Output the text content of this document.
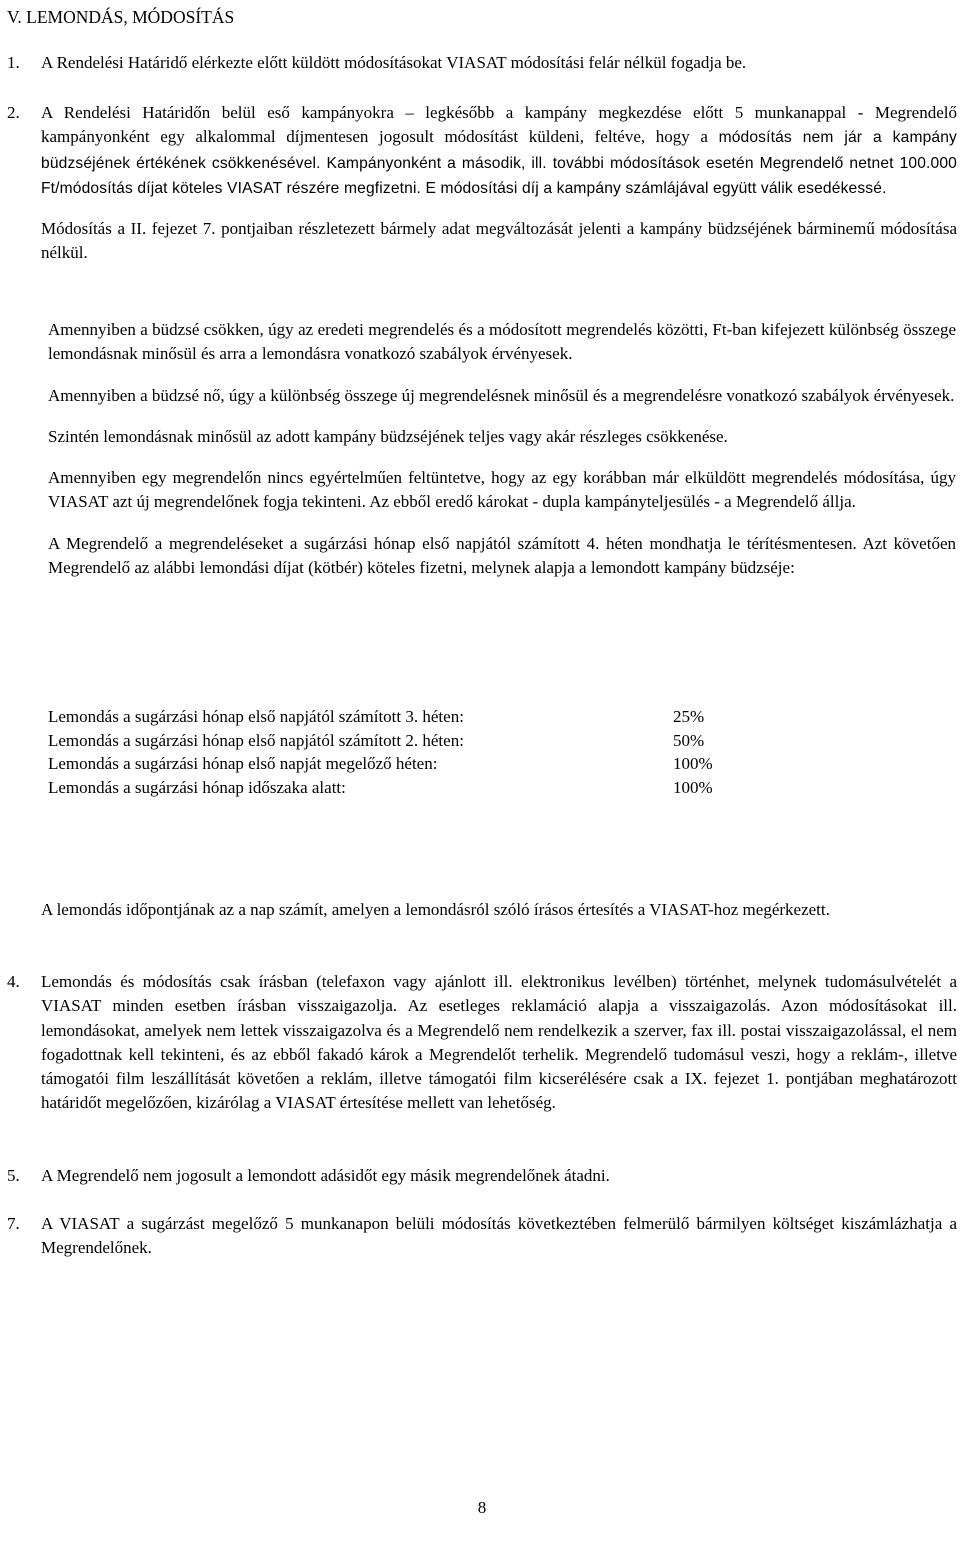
V. LEMONDÁS, MÓDOSÍTÁS
1. A Rendelési Határidő elérkezte előtt küldött módosításokat VIASAT módosítási felár nélkül fogadja be.

2. A Rendelési Határidőn belül eső kampányokra – legkésőbb a kampány megkezdése előtt 5 munkanappal - Megrendelő kampányonként egy alkalommal díjmentesen jogosult módosítást küldeni, feltéve, hogy a módosítás nem jár a kampány büdzséjének értékének csökkenésével. Kampányonként a második, ill. további módosítások esetén Megrendelő netnet 100.000 Ft/módosítás díjat köteles VIASAT részére megfizetni. E módosítási díj a kampány számlájával együtt válik esedékessé.

Módosítás a II. fejezet 7. pontjaiban részletezett bármely adat megváltozását jelenti a kampány büdzséjének bárminemű módosítása nélkül.

Amennyiben a büdzsé csökken, úgy az eredeti megrendelés és a módosított megrendelés közötti, Ft-ban kifejezett különbség összege lemondásnak minősül és arra a lemondásra vonatkozó szabályok érvényesek.

Amennyiben a büdzsé nő, úgy a különbség összege új megrendelésnek minősül és a megrendelésre vonatkozó szabályok érvényesek.

Szintén lemondásnak minősül az adott kampány büdzséjének teljes vagy akár részleges csökkenése.

Amennyiben egy megrendelőn nincs egyértelműen feltüntetve, hogy az egy korábban már elküldött megrendelés módosítása, úgy VIASAT azt új megrendelőnek fogja tekinteni. Az ebből eredő károkat - dupla kampányteljesülés - a Megrendelő állja.

A Megrendelő a megrendeléseket a sugárzási hónap első napjától számított 4. héten mondhatja le térítésmentesen. Azt követően Megrendelő az alábbi lemondási díjat (kötbér) köteles fizetni, melynek alapja a lemondott kampány büdzséje:

Lemondás a sugárzási hónap első napjától számított 3. héten:	25%
Lemondás a sugárzási hónap első napjától számított 2. héten:	50%
Lemondás a sugárzási hónap első napját megelőző héten:	100%
Lemondás a sugárzási hónap időszaka alatt:	100%

A lemondás időpontjának az a nap számít, amelyen a lemondásról szóló írásos értesítés a VIASAT-hoz megérkezett.

4. Lemondás és módosítás csak írásban (telefaxon vagy ajánlott ill. elektronikus levélben) történhet, melynek tudomásulvételét a VIASAT minden esetben írásban visszaigazolja. Az esetleges reklamáció alapja a visszaigazolás. Azon módosításokat ill. lemondásokat, amelyek nem lettek visszaigazolva és a Megrendelő nem rendelkezik a szerver, fax ill. postai visszaigazolással, el nem fogadottnak kell tekinteni, és az ebből fakadó károk a Megrendelőt terhelik. Megrendelő tudomásul veszi, hogy a reklám-, illetve támogatói film leszállítását követően a reklám, illetve támogatói film kicserélésére csak a IX. fejezet 1. pontjában meghatározott határidőt megelőzően, kizárólag a VIASAT értesítése mellett van lehetőség.

5. A Megrendelő nem jogosult a lemondott adásidőt egy másik megrendelőnek átadni.

7. A VIASAT a sugárzást megelőző 5 munkanapon belüli módosítás következtében felmerülő bármilyen költséget kiszámlázhatja a Megrendelőnek.

8
